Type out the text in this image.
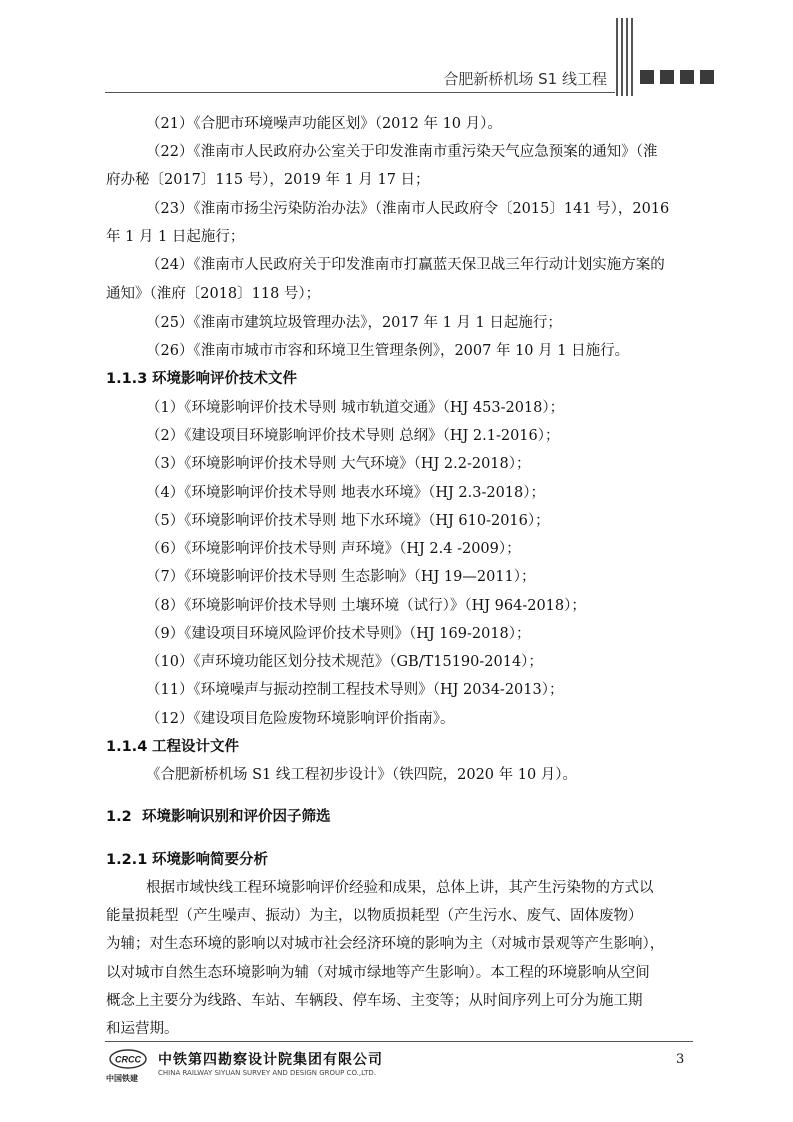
合肥新桥机场 S1 线工程
（21）《合肥市环境噪声功能区划》（2012 年 10 月）。
（22）《淮南市人民政府办公室关于印发淮南市重污染天气应急预案的通知》（淮
府办秘〔2017〕115 号），2019 年 1 月 17 日；
（23）《淮南市扬尘污染防治办法》（淮南市人民政府令〔2015〕141 号），2016
年 1 月 1 日起施行；
（24）《淮南市人民政府关于印发淮南市打赢蓝天保卫战三年行动计划实施方案的
通知》（淮府〔2018〕118 号）；
（25）《淮南市建筑垃圾管理办法》，2017 年 1 月 1 日起施行；
（26）《淮南市城市市容和环境卫生管理条例》，2007 年 10 月 1 日施行。
1.1.3 环境影响评价技术文件
（1）《环境影响评价技术导则 城市轨道交通》（HJ 453-2018）；
（2）《建设项目环境影响评价技术导则 总纲》（HJ 2.1-2016）；
（3）《环境影响评价技术导则 大气环境》（HJ 2.2-2018）；
（4）《环境影响评价技术导则 地表水环境》（HJ 2.3-2018）；
（5）《环境影响评价技术导则 地下水环境》（HJ 610-2016）；
（6）《环境影响评价技术导则 声环境》（HJ 2.4 -2009）；
（7）《环境影响评价技术导则 生态影响》（HJ 19—2011）；
（8）《环境影响评价技术导则 土壤环境（试行）》（HJ 964-2018）；
（9）《建设项目环境风险评价技术导则》（HJ 169-2018）；
（10）《声环境功能区划分技术规范》（GB/T15190-2014）；
（11）《环境噪声与振动控制工程技术导则》（HJ 2034-2013）；
（12）《建设项目危险废物环境影响评价指南》。
1.1.4 工程设计文件
《合肥新桥机场 S1 线工程初步设计》（铁四院，2020 年 10 月）。
1.2 环境影响识别和评价因子筛选
1.2.1 环境影响简要分析
根据市域快线工程环境影响评价经验和成果，总体上讲，其产生污染物的方式以
能量损耗型（产生噪声、振动）为主，以物质损耗型（产生污水、废气、固体废物）
为辅；对生态环境的影响以对城市社会经济环境的影响为主（对城市景观等产生影响），
以对城市自然生态环境影响为辅（对城市绿地等产生影响）。本工程的环境影响从空间
概念上主要分为线路、车站、车辆段、停车场、主变等；从时间序列上可分为施工期
和运营期。
CRCC
中国铁建
中铁第四勘察设计院集团有限公司
CHINA RAILWAY SIYUAN SURVEY AND DESIGN GROUP CO.,LTD.
3
